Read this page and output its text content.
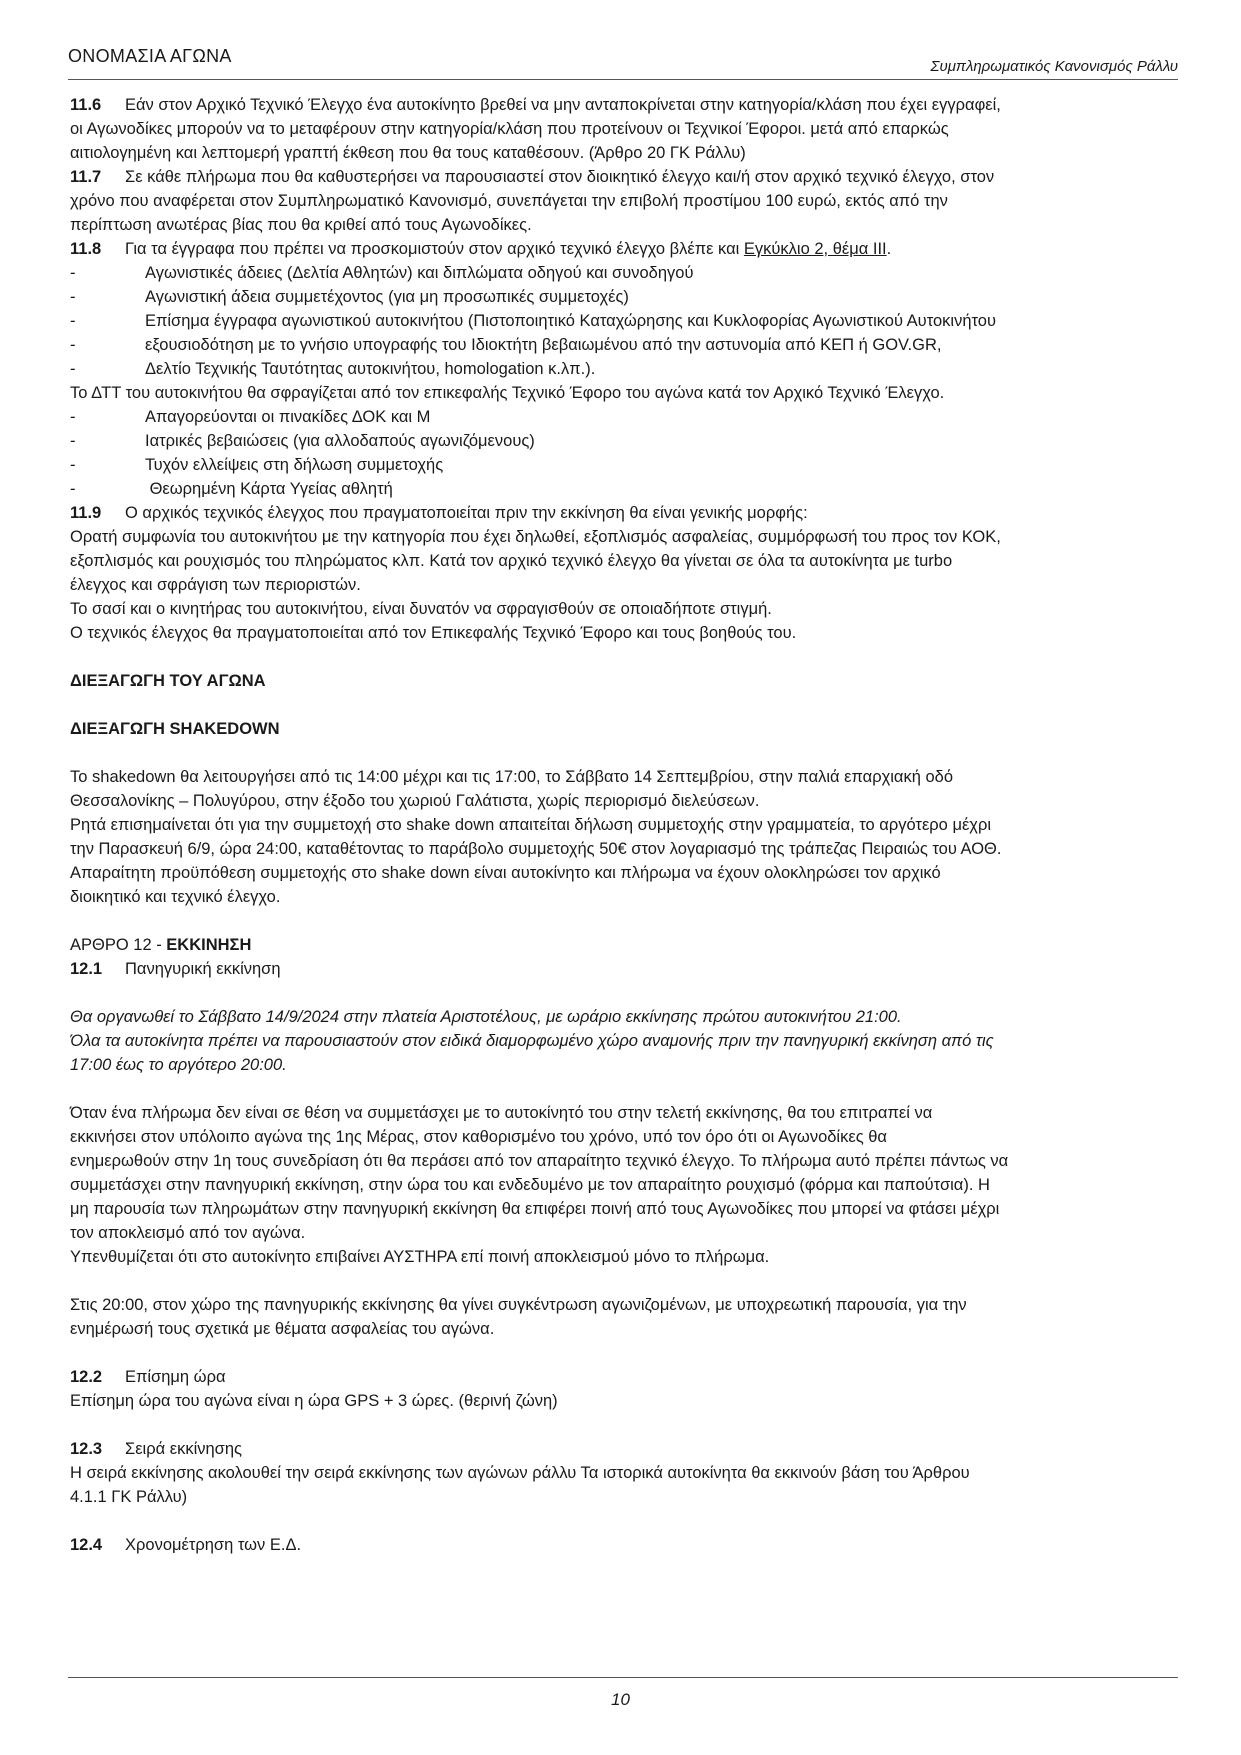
ΟΝΟΜΑΣΙΑ ΑΓΩΝΑ
Συμπληρωματικός Κανονισμός Ράλλυ
11.6 Εάν στον Αρχικό Τεχνικό Έλεγχο ένα αυτοκίνητο βρεθεί να μην ανταποκρίνεται στην κατηγορία/κλάση που έχει εγγραφεί,
οι Αγωνοδίκες μπορούν να το μεταφέρουν στην κατηγορία/κλάση που προτείνουν οι Τεχνικοί Έφοροι. μετά από επαρκώς
αιτιολογημένη και λεπτομερή γραπτή έκθεση που θα τους καταθέσουν. (Άρθρο 20 ΓΚ Ράλλυ)
11.7 Σε κάθε πλήρωμα που θα καθυστερήσει να παρουσιαστεί στον διοικητικό έλεγχο και/ή στον αρχικό τεχνικό έλεγχο, στον
χρόνο που αναφέρεται στον Συμπληρωματικό Κανονισμό, συνεπάγεται την επιβολή προστίμου 100 ευρώ, εκτός από την
περίπτωση ανωτέρας βίας που θα κριθεί από τους Αγωνοδίκες.
11.8 Για τα έγγραφα που πρέπει να προσκομιστούν στον αρχικό τεχνικό έλεγχο βλέπε και Εγκύκλιο 2, θέμα ΙΙΙ.
-	Αγωνιστικές άδειες (Δελτία Αθλητών) και διπλώματα οδηγού και συνοδηγού
-	Αγωνιστική άδεια συμμετέχοντος (για μη προσωπικές συμμετοχές)
-	Επίσημα έγγραφα αγωνιστικού αυτοκινήτου (Πιστοποιητικό Καταχώρησης και Κυκλοφορίας Αγωνιστικού Αυτοκινήτου
-	εξουσιοδότηση με το γνήσιο υπογραφής του Ιδιοκτήτη βεβαιωμένου από την αστυνομία από ΚΕΠ ή GOV.GR,
-	Δελτίο Τεχνικής Ταυτότητας αυτοκινήτου, homologation κ.λπ.).
Το ΔΤΤ του αυτοκινήτου θα σφραγίζεται από τον επικεφαλής Τεχνικό Έφορο του αγώνα κατά τον Αρχικό Τεχνικό Έλεγχο.
-	Απαγορεύονται οι πινακίδες ΔΟΚ και Μ
-	Ιατρικές βεβαιώσεις (για αλλοδαπούς αγωνιζόμενους)
-	Τυχόν ελλείψεις στη δήλωση συμμετοχής
-	Θεωρημένη Κάρτα Υγείας αθλητή
11.9 Ο αρχικός τεχνικός έλεγχος που πραγματοποιείται πριν την εκκίνηση θα είναι γενικής μορφής:
Ορατή συμφωνία του αυτοκινήτου με την κατηγορία που έχει δηλωθεί, εξοπλισμός ασφαλείας, συμμόρφωσή του προς τον ΚΟΚ,
εξοπλισμός και ρουχισμός του πληρώματος κλπ. Κατά τον αρχικό τεχνικό έλεγχο θα γίνεται σε όλα τα αυτοκίνητα με turbo
έλεγχος και σφράγιση των περιοριστών.
Το σασί και ο κινητήρας του αυτοκινήτου, είναι δυνατόν να σφραγισθούν σε οποιαδήποτε στιγμή.
Ο τεχνικός έλεγχος θα πραγματοποιείται από τον Επικεφαλής Τεχνικό Έφορο και τους βοηθούς του.
ΔΙΕΞΑΓΩΓΗ ΤΟΥ ΑΓΩΝΑ
ΔΙΕΞΑΓΩΓΗ SHAKEDOWN
Το shakedown θα λειτουργήσει από τις 14:00 μέχρι και τις 17:00, το Σάββατο 14 Σεπτεμβρίου, στην παλιά επαρχιακή οδό
Θεσσαλονίκης – Πολυγύρου, στην έξοδο του χωριού Γαλάτιστα, χωρίς περιορισμό διελεύσεων.
Ρητά επισημαίνεται ότι για την συμμετοχή στο shake down απαιτείται δήλωση συμμετοχής στην γραμματεία, το αργότερο μέχρι
την Παρασκευή 6/9, ώρα 24:00, καταθέτοντας το παράβολο συμμετοχής 50€ στον λογαριασμό της τράπεζας Πειραιώς του ΑΟΘ.
Απαραίτητη προϋπόθεση συμμετοχής στο shake down είναι αυτοκίνητο και πλήρωμα να έχουν ολοκληρώσει τον αρχικό
διοικητικό και τεχνικό έλεγχο.
ΑΡΘΡΟ 12 - ΕΚΚΙΝΗΣΗ
12.1 Πανηγυρική εκκίνηση
Θα οργανωθεί το Σάββατο 14/9/2024 στην πλατεία Αριστοτέλους, με ωράριο εκκίνησης πρώτου αυτοκινήτου 21:00.
Όλα τα αυτοκίνητα πρέπει να παρουσιαστούν στον ειδικά διαμορφωμένο χώρο αναμονής πριν την πανηγυρική εκκίνηση από τις
17:00 έως το αργότερο 20:00.
Όταν ένα πλήρωμα δεν είναι σε θέση να συμμετάσχει με το αυτοκίνητό του στην τελετή εκκίνησης, θα του επιτραπεί να
εκκινήσει στον υπόλοιπο αγώνα της 1ης Μέρας, στον καθορισμένο του χρόνο, υπό τον όρο ότι οι Αγωνοδίκες θα
ενημερωθούν στην 1η τους συνεδρίαση ότι θα περάσει από τον απαραίτητο τεχνικό έλεγχο. Το πλήρωμα αυτό πρέπει πάντως να
συμμετάσχει στην πανηγυρική εκκίνηση, στην ώρα του και ενδεδυμένο με τον απαραίτητο ρουχισμό (φόρμα και παπούτσια). Η
μη παρουσία των πληρωμάτων στην πανηγυρική εκκίνηση θα επιφέρει ποινή από τους Αγωνοδίκες που μπορεί να φτάσει μέχρι
τον αποκλεισμό από τον αγώνα.
Υπενθυμίζεται ότι στο αυτοκίνητο επιβαίνει ΑΥΣΤΗΡΑ επί ποινή αποκλεισμού μόνο το πλήρωμα.
Στις 20:00, στον χώρο της πανηγυρικής εκκίνησης θα γίνει συγκέντρωση αγωνιζομένων, με υποχρεωτική παρουσία, για την
ενημέρωσή τους σχετικά με θέματα ασφαλείας του αγώνα.
12.2 Επίσημη ώρα
Επίσημη ώρα του αγώνα είναι η ώρα GPS + 3 ώρες. (θερινή ζώνη)
12.3 Σειρά εκκίνησης
Η σειρά εκκίνησης ακολουθεί την σειρά εκκίνησης των αγώνων ράλλυ Τα ιστορικά αυτοκίνητα θα εκκινούν βάση του Άρθρου
4.1.1 ΓΚ Ράλλυ)
12.4 Χρονομέτρηση των Ε.Δ.
10
